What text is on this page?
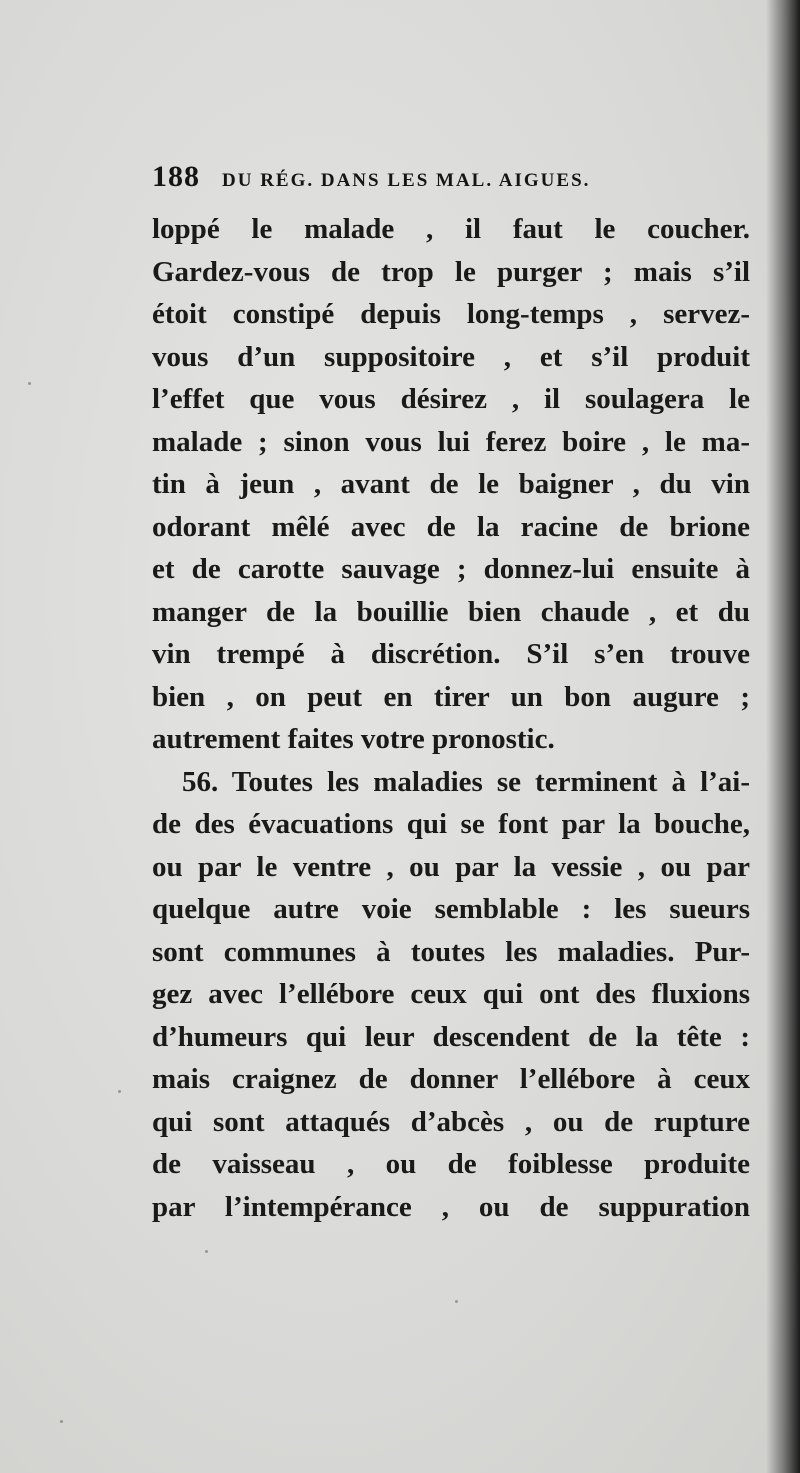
188 DU RÉG. DANS LES MAL. AIGUES.
loppé le malade , il faut le coucher.
Gardez-vous de trop le purger ; mais s’il
étoit constipé depuis long-temps , servez-
vous d’un suppositoire , et s’il produit
l’effet que vous désirez , il soulagera le
malade ; sinon vous lui ferez boire , le ma-
tin à jeun , avant de le baigner , du vin
odorant mêlé avec de la racine de brione
et de carotte sauvage ; donnez-lui ensuite à
manger de la bouillie bien chaude , et du
vin trempé à discrétion. S’il s’en trouve
bien , on peut en tirer un bon augure ;
autrement faites votre pronostic.
56. Toutes les maladies se terminent à l’ai-
de des évacuations qui se font par la bouche,
ou par le ventre , ou par la vessie , ou par
quelque autre voie semblable : les sueurs
sont communes à toutes les maladies. Pur-
gez avec l’ellébore ceux qui ont des fluxions
d’humeurs qui leur descendent de la tête :
mais craignez de donner l’ellébore à ceux
qui sont attaqués d’abcès , ou de rupture
de vaisseau , ou de foiblesse produite
par l’intempérance , ou de suppuration
